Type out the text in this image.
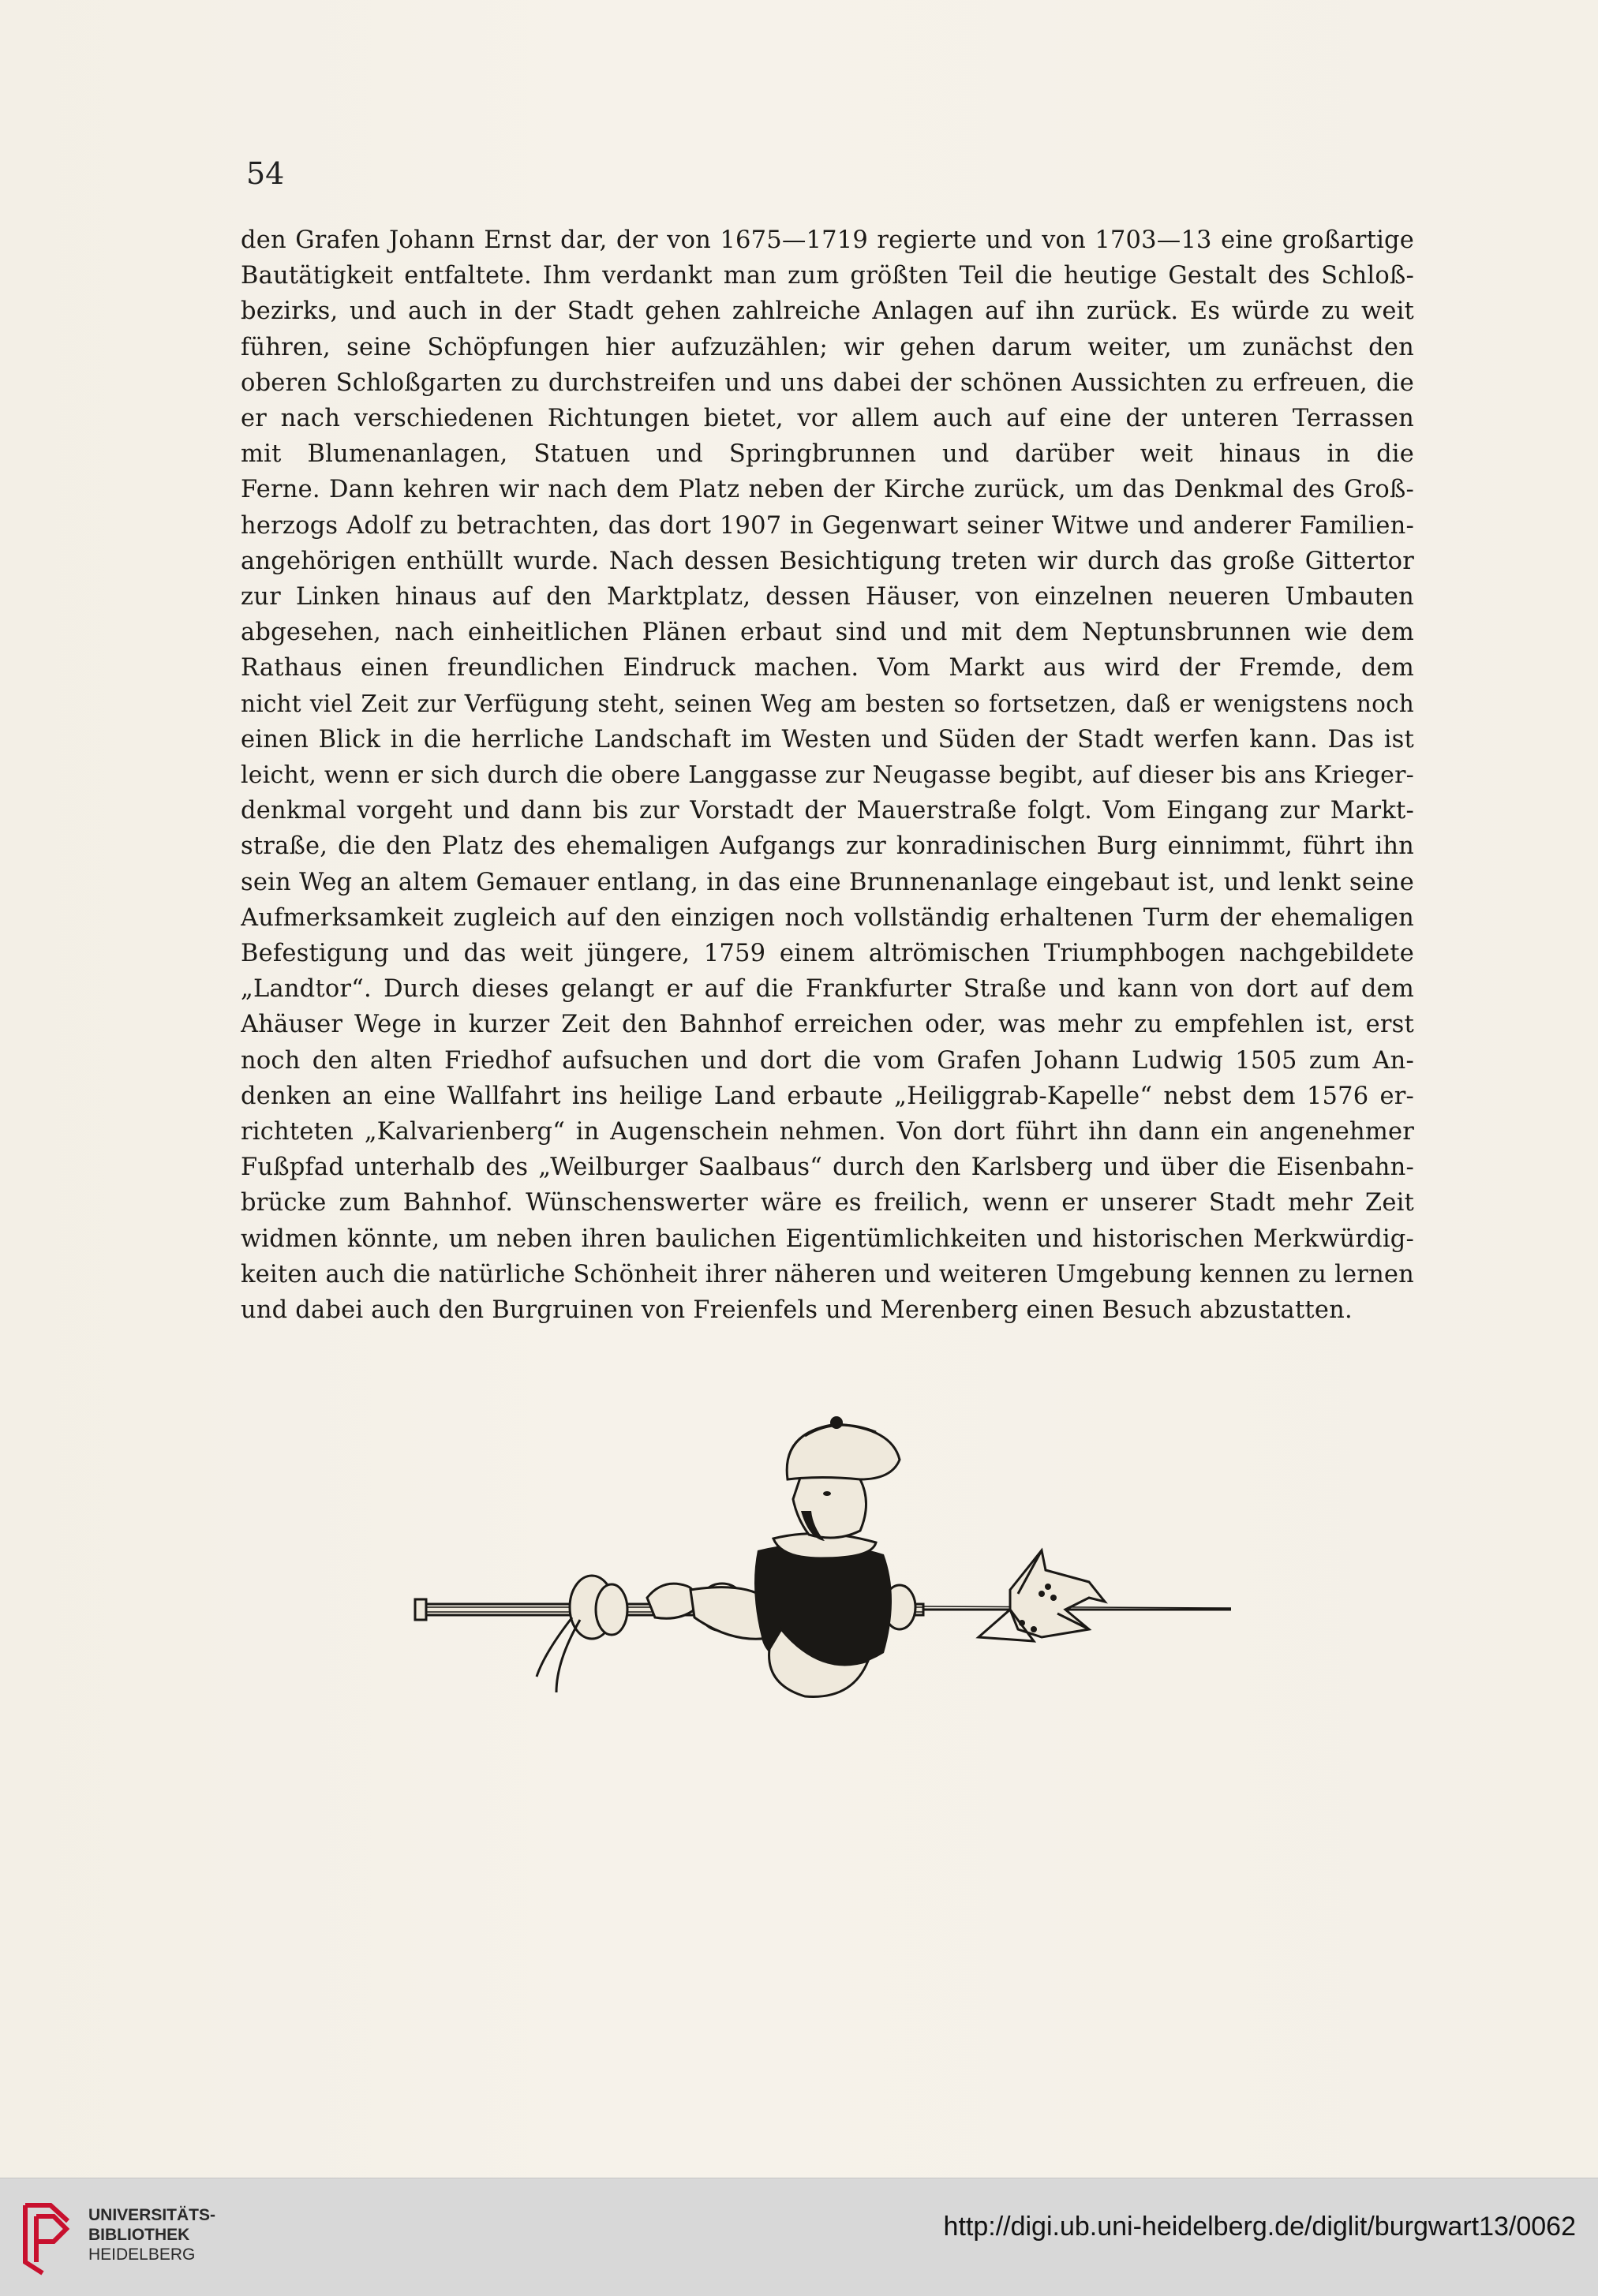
54
den Grafen Johann Ernst dar, der von 1675—1719 regierte und von 1703—13 eine großartige
Bautätigkeit entfaltete. Ihm verdankt man zum größten Teil die heutige Gestalt des Schloß-
bezirks, und auch in der Stadt gehen zahlreiche Anlagen auf ihn zurück. Es würde zu weit
führen, seine Schöpfungen hier aufzuzählen; wir gehen darum weiter, um zunächst den
oberen Schloßgarten zu durchstreifen und uns dabei der schönen Aussichten zu erfreuen, die
er nach verschiedenen Richtungen bietet, vor allem auch auf eine der unteren Terrassen
mit Blumenanlagen, Statuen und Springbrunnen und darüber weit hinaus in die
Ferne. Dann kehren wir nach dem Platz neben der Kirche zurück, um das Denkmal des Groß-
herzogs Adolf zu betrachten, das dort 1907 in Gegenwart seiner Witwe und anderer Familien-
angehörigen enthüllt wurde. Nach dessen Besichtigung treten wir durch das große Gittertor
zur Linken hinaus auf den Marktplatz, dessen Häuser, von einzelnen neueren Umbauten
abgesehen, nach einheitlichen Plänen erbaut sind und mit dem Neptunsbrunnen wie dem
Rathaus einen freundlichen Eindruck machen. Vom Markt aus wird der Fremde, dem
nicht viel Zeit zur Verfügung steht, seinen Weg am besten so fortsetzen, daß er wenigstens noch
einen Blick in die herrliche Landschaft im Westen und Süden der Stadt werfen kann. Das ist
leicht, wenn er sich durch die obere Langgasse zur Neugasse begibt, auf dieser bis ans Krieger-
denkmal vorgeht und dann bis zur Vorstadt der Mauerstraße folgt. Vom Eingang zur Markt-
straße, die den Platz des ehemaligen Aufgangs zur konradinischen Burg einnimmt, führt ihn
sein Weg an altem Gemauer entlang, in das eine Brunnenanlage eingebaut ist, und lenkt seine
Aufmerksamkeit zugleich auf den einzigen noch vollständig erhaltenen Turm der ehemaligen
Befestigung und das weit jüngere, 1759 einem altrömischen Triumphbogen nachgebildete
„Landtor“. Durch dieses gelangt er auf die Frankfurter Straße und kann von dort auf dem
Ahäuser Wege in kurzer Zeit den Bahnhof erreichen oder, was mehr zu empfehlen ist, erst
noch den alten Friedhof aufsuchen und dort die vom Grafen Johann Ludwig 1505 zum An-
denken an eine Wallfahrt ins heilige Land erbaute „Heiliggrab-Kapelle“ nebst dem 1576 er-
richteten „Kalvarienberg“ in Augenschein nehmen. Von dort führt ihn dann ein angenehmer
Fußpfad unterhalb des „Weilburger Saalbaus“ durch den Karlsberg und über die Eisenbahn-
brücke zum Bahnhof. Wünschenswerter wäre es freilich, wenn er unserer Stadt mehr Zeit
widmen könnte, um neben ihren baulichen Eigentümlichkeiten und historischen Merkwürdig-
keiten auch die natürliche Schönheit ihrer näheren und weiteren Umgebung kennen zu lernen
und dabei auch den Burgruinen von Freienfels und Merenberg einen Besuch abzustatten.
UNIVERSITÄTS-
BIBLIOTHEK
HEIDELBERG
http://digi.ub.uni-heidelberg.de/diglit/burgwart13/0062
